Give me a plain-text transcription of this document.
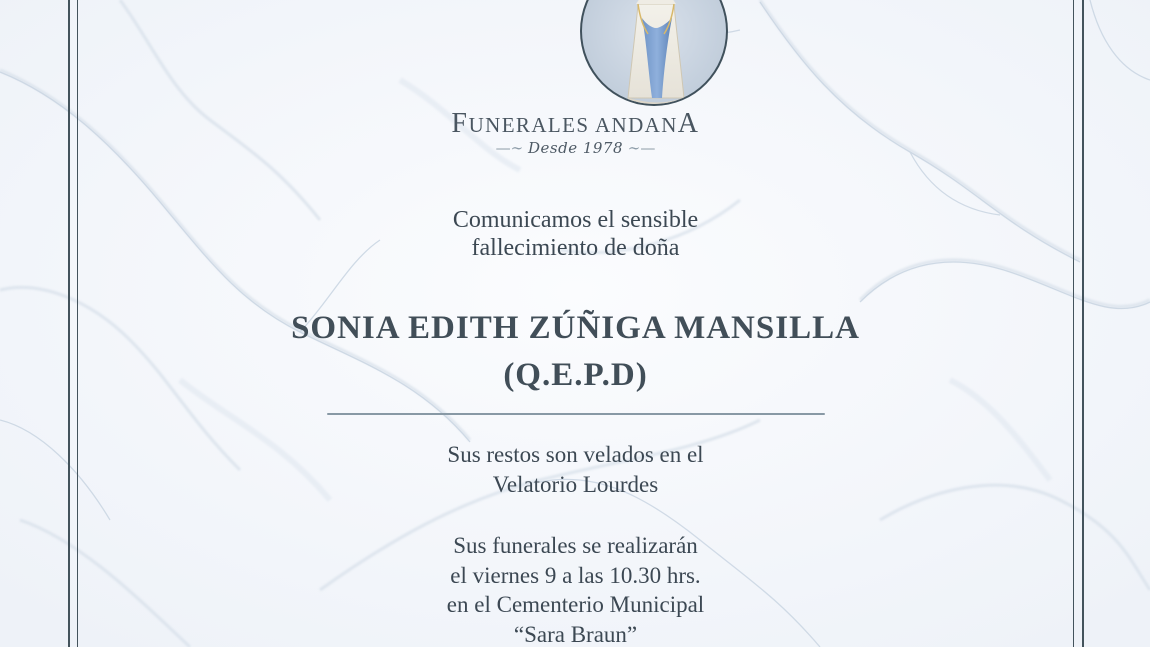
FUNERALES ANDANA
—∼ Desde 1978 ∼—
Comunicamos el sensible
fallecimiento de doña
SONIA EDITH ZÚÑIGA MANSILLA
(Q.E.P.D)
Sus restos son velados en el
Velatorio Lourdes
Sus funerales se realizarán
el viernes 9 a las 10.30 hrs.
en el Cementerio Municipal
“Sara Braun”
